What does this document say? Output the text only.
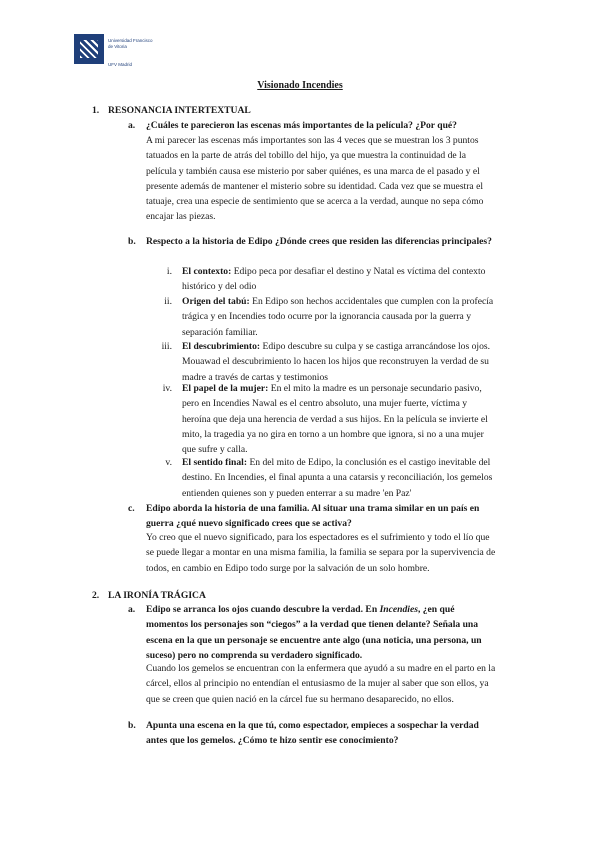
Universidad Francisco de Vitoria
UFV Madrid
Visionado Incendies
1. RESONANCIA INTERTEXTUAL
a. ¿Cuáles te parecieron las escenas más importantes de la película? ¿Por qué?
A mi parecer las escenas más importantes son las 4 veces que se muestran los 3 puntos tatuados en la parte de atrás del tobillo del hijo, ya que muestra la continuidad de la película y también causa ese misterio por saber quiénes, es una marca de el pasado y el presente además de mantener el misterio sobre su identidad. Cada vez que se muestra el tatuaje, crea una especie de sentimiento que se acerca a la verdad, aunque no sepa cómo encajar las piezas.
b. Respecto a la historia de Edipo ¿Dónde crees que residen las diferencias principales?
i. El contexto: Edipo peca por desafiar el destino y Natal es víctima del contexto histórico y del odio
ii. Origen del tabú: En Edipo son hechos accidentales que cumplen con la profecía trágica y en Incendies todo ocurre por la ignorancia causada por la guerra y separación familiar.
iii. El descubrimiento: Edipo descubre su culpa y se castiga arrancándose los ojos. Mouawad el descubrimiento lo hacen los hijos que reconstruyen la verdad de su madre a través de cartas y testimonios
iv. El papel de la mujer: En el mito la madre es un personaje secundario pasivo, pero en Incendies Nawal es el centro absoluto, una mujer fuerte, víctima y heroína que deja una herencia de verdad a sus hijos. En la película se invierte el mito, la tragedia ya no gira en torno a un hombre que ignora, si no a una mujer que sufre y calla.
v. El sentido final: En del mito de Edipo, la conclusión es el castigo inevitable del destino. En Incendies, el final apunta a una catarsis y reconciliación, los gemelos entienden quienes son y pueden enterrar a su madre 'en Paz'
c. Edipo aborda la historia de una familia. Al situar una trama similar en un país en guerra ¿qué nuevo significado crees que se activa?
Yo creo que el nuevo significado, para los espectadores es el sufrimiento y todo el lío que se puede llegar a montar en una misma familia, la familia se separa por la supervivencia de todos, en cambio en Edipo todo surge por la salvación de un solo hombre.
2. LA IRONÍA TRÁGICA
a. Edipo se arranca los ojos cuando descubre la verdad. En Incendies, ¿en qué momentos los personajes son “ciegos” a la verdad que tienen delante? Señala una escena en la que un personaje se encuentre ante algo (una noticia, una persona, un suceso) pero no comprenda su verdadero significado.
Cuando los gemelos se encuentran con la enfermera que ayudó a su madre en el parto en la cárcel, ellos al principio no entendían el entusiasmo de la mujer al saber que son ellos, ya que se creen que quien nació en la cárcel fue su hermano desaparecido, no ellos.
b. Apunta una escena en la que tú, como espectador, empieces a sospechar la verdad antes que los gemelos. ¿Cómo te hizo sentir ese conocimiento?
